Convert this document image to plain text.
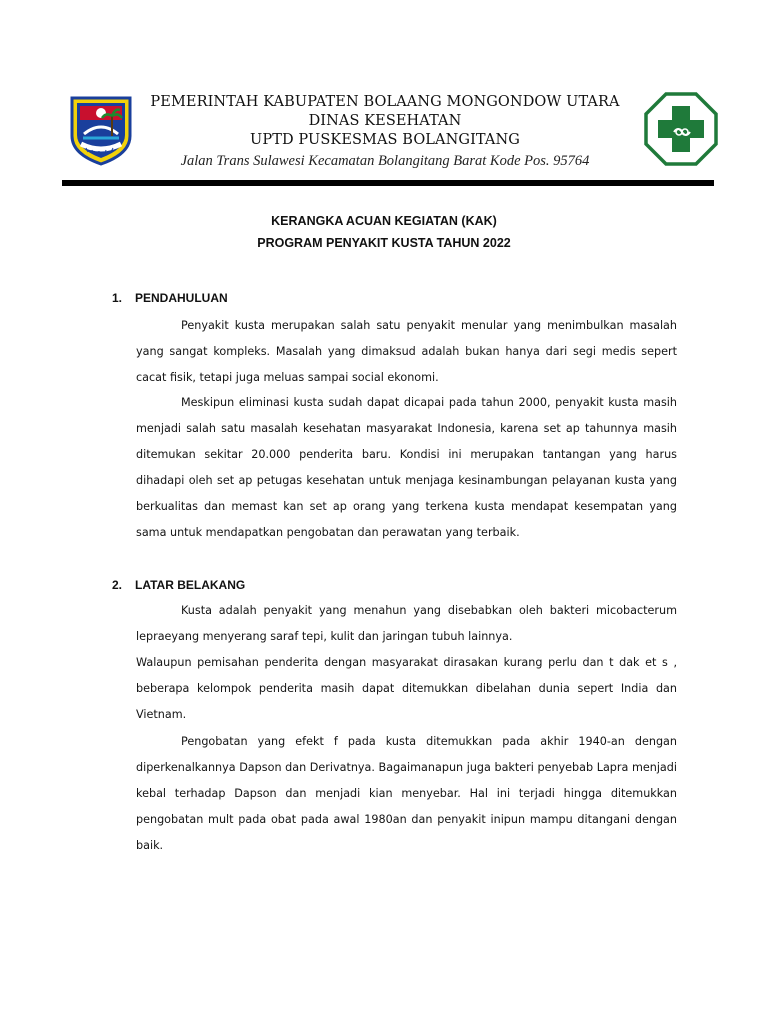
PEMERINTAH KABUPATEN BOLAANG MONGONDOW UTARA
DINAS KESEHATAN
UPTD PUSKESMAS BOLANGITANG
Jalan Trans Sulawesi Kecamatan Bolangitang Barat Kode Pos. 95764
KERANGKA ACUAN KEGIATAN (KAK)
PROGRAM PENYAKIT KUSTA TAHUN 2022
1. PENDAHULUAN

Penyakit kusta merupakan salah satu penyakit menular yang menimbulkan masalah yang sangat kompleks. Masalah yang dimaksud adalah bukan hanya dari segi medis sepert cacat fisik, tetapi juga meluas sampai social ekonomi.

Meskipun eliminasi kusta sudah dapat dicapai pada tahun 2000, penyakit kusta masih menjadi salah satu masalah kesehatan masyarakat Indonesia, karena set ap tahunnya masih ditemukan sekitar 20.000 penderita baru. Kondisi ini merupakan tantangan yang harus dihadapi oleh set ap petugas kesehatan untuk menjaga kesinambungan pelayanan kusta yang berkualitas dan memast kan set ap orang yang terkena kusta mendapat kesempatan yang sama untuk mendapatkan pengobatan dan perawatan yang terbaik.

2. LATAR BELAKANG

Kusta adalah penyakit yang menahun yang disebabkan oleh bakteri micobacterum lepraeyang menyerang saraf tepi, kulit dan jaringan tubuh lainnya.

Walaupun pemisahan penderita dengan masyarakat dirasakan kurang perlu dan t dak et s , beberapa kelompok penderita masih dapat ditemukkan dibelahan dunia sepert India dan Vietnam.

Pengobatan yang efekt f pada kusta ditemukkan pada akhir 1940-an dengan diperkenalkannya Dapson dan Derivatnya. Bagaimanapun juga bakteri penyebab Lapra menjadi kebal terhadap Dapson dan menjadi kian menyebar. Hal ini terjadi hingga ditemukkan pengobatan mult pada obat pada awal 1980an dan penyakit inipun mampu ditangani dengan baik.
